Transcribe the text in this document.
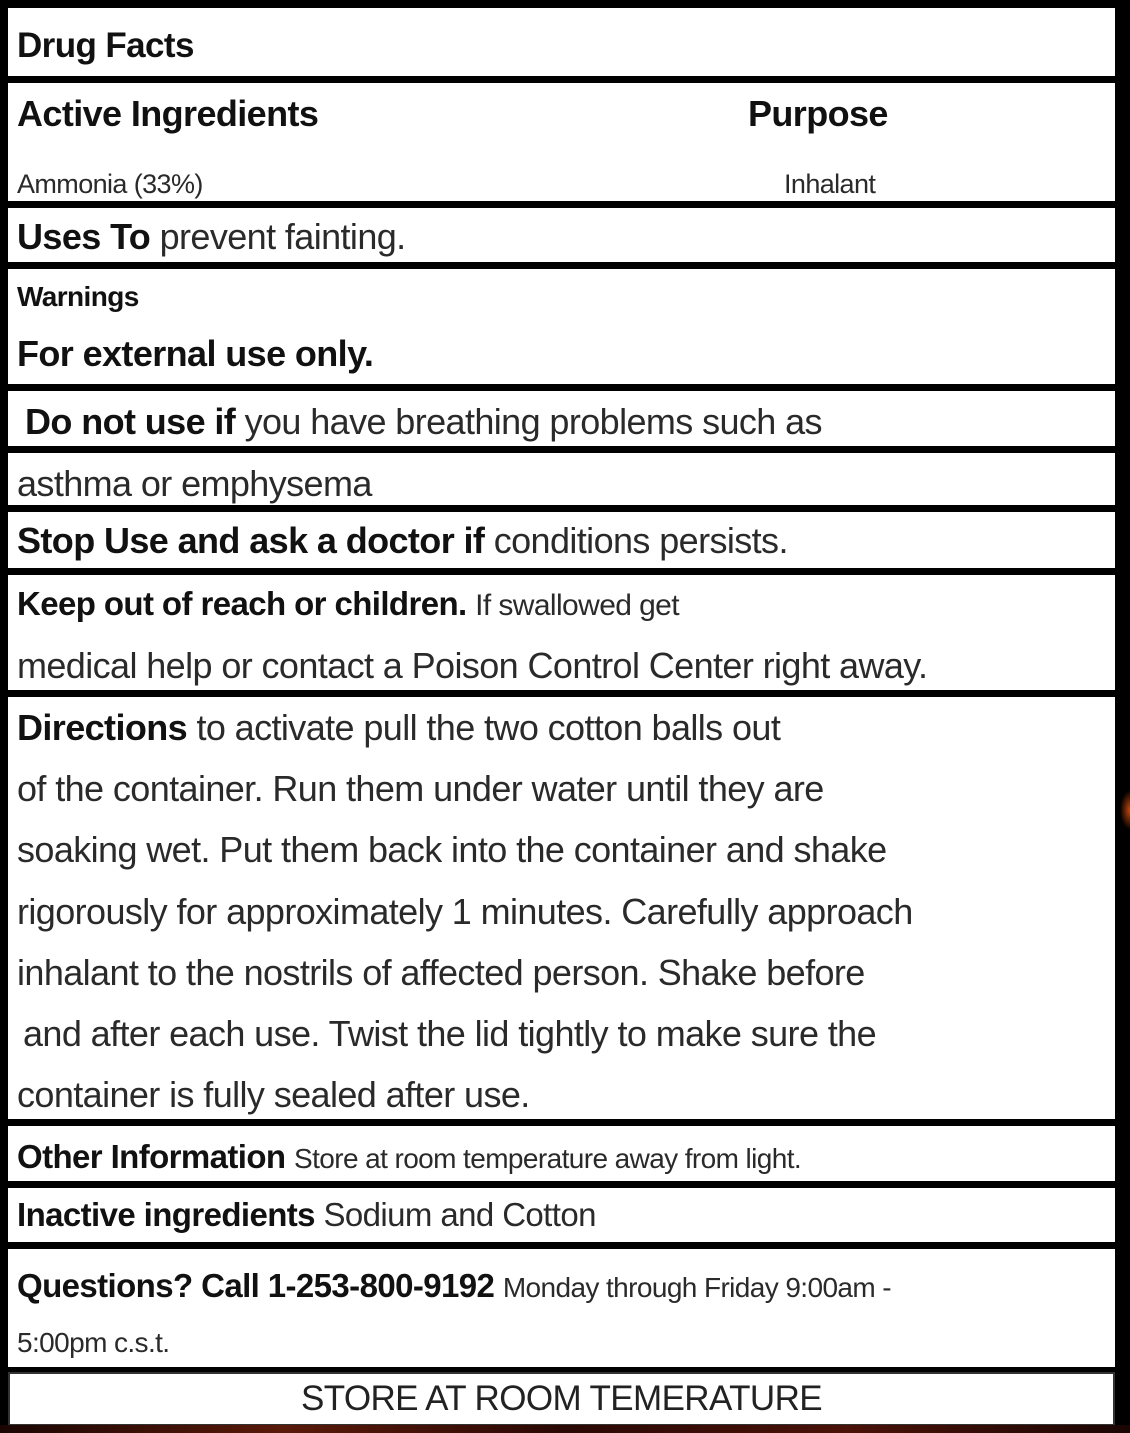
Drug Facts
Active Ingredients	Purpose
Ammonia (33%)	Inhalant
Uses To prevent fainting.
Warnings
For external use only.
Do not use if you have breathing problems such as
asthma or emphysema
Stop Use and ask a doctor if conditions persists.
Keep out of reach or children. If swallowed get
medical help or contact a Poison Control Center right away.
Directions to activate pull the two cotton balls out
of the container. Run them under water until they are
soaking wet. Put them back into the container and shake
rigorously for approximately 1 minutes. Carefully approach
inhalant to the nostrils of affected person. Shake before
and after each use. Twist the lid tightly to make sure the
container is fully sealed after use.
Other Information Store at room temperature away from light.
Inactive ingredients Sodium and Cotton
Questions? Call 1-253-800-9192 Monday through Friday 9:00am -
5:00pm c.s.t.
STORE AT ROOM TEMERATURE
